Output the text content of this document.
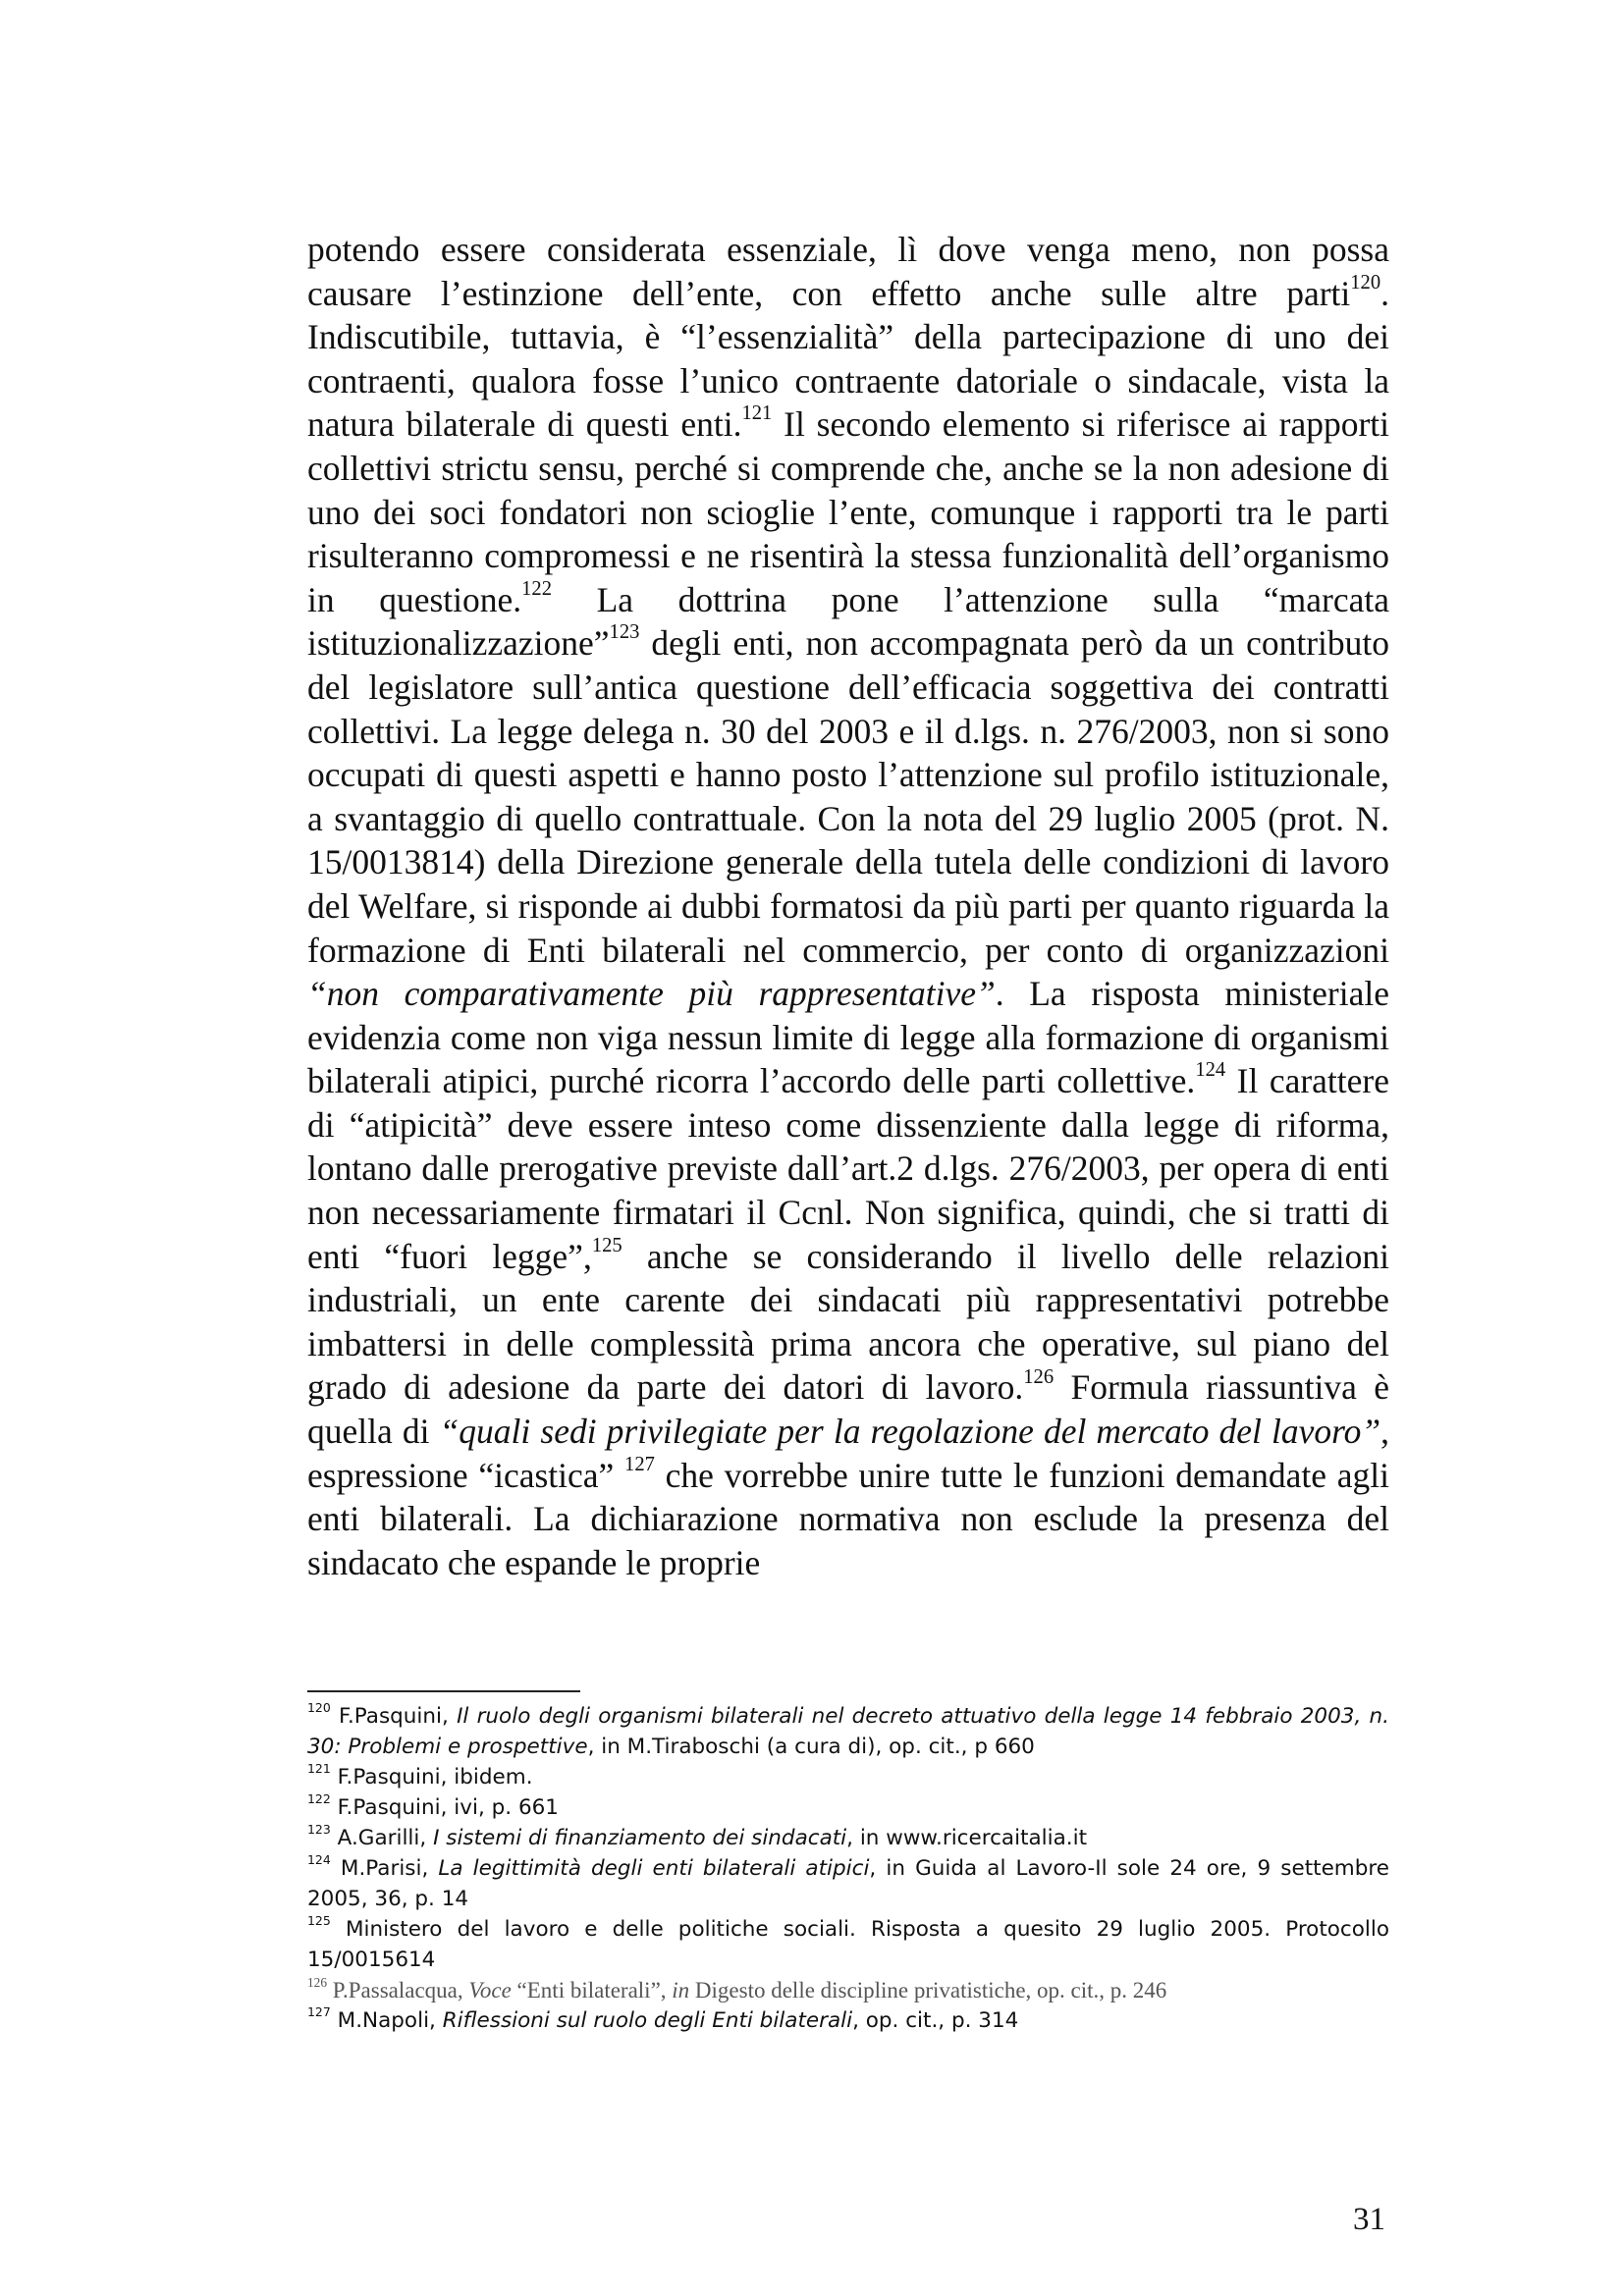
potendo essere considerata essenziale, lì dove venga meno, non possa causare l’estinzione dell’ente, con effetto anche sulle altre parti$^{120}$. Indiscutibile, tuttavia, è “l’essenzialità” della partecipazione di uno dei contraenti, qualora fosse l’unico contraente datoriale o sindacale, vista la natura bilaterale di questi enti.$^{121}$ Il secondo elemento si riferisce ai rapporti collettivi strictu sensu, perché si comprende che, anche se la non adesione di uno dei soci fondatori non scioglie l’ente, comunque i rapporti tra le parti risulteranno compromessi e ne risentirà la stessa funzionalità dell’organismo in questione.$^{122}$ La dottrina pone l’attenzione sulla “marcata istituzionalizzazione”$^{123}$ degli enti, non accompagnata però da un contributo del legislatore sull’antica questione dell’efficacia soggettiva dei contratti collettivi. La legge delega n. 30 del 2003 e il d.lgs. n. 276/2003, non si sono occupati di questi aspetti e hanno posto l’attenzione sul profilo istituzionale, a svantaggio di quello contrattuale. Con la nota del 29 luglio 2005 (prot. N. 15/0013814) della Direzione generale della tutela delle condizioni di lavoro del Welfare, si risponde ai dubbi formatosi da più parti per quanto riguarda la formazione di Enti bilaterali nel commercio, per conto di organizzazioni “non comparativamente più rappresentative”. La risposta ministeriale evidenzia come non viga nessun limite di legge alla formazione di organismi bilaterali atipici, purché ricorra l’accordo delle parti collettive.$^{124}$ Il carattere di “atipicità” deve essere inteso come dissenziente dalla legge di riforma, lontano dalle prerogative previste dall’art.2 d.lgs. 276/2003, per opera di enti non necessariamente firmatari il Ccnl. Non significa, quindi, che si tratti di enti “fuori legge”,$^{125}$ anche se considerando il livello delle relazioni industriali, un ente carente dei sindacati più rappresentativi potrebbe imbattersi in delle complessità prima ancora che operative, sul piano del grado di adesione da parte dei datori di lavoro.$^{126}$ Formula riassuntiva è quella di “quali sedi privilegiate per la regolazione del mercato del lavoro”, espressione “icastica” $^{127}$ che vorrebbe unire tutte le funzioni demandate agli enti bilaterali. La dichiarazione normativa non esclude la presenza del sindacato che espande le proprie

$^{120}$ F.Pasquini, Il ruolo degli organismi bilaterali nel decreto attuativo della legge 14 febbraio 2003, n. 30: Problemi e prospettive, in M.Tiraboschi (a cura di), op. cit., p 660
$^{121}$ F.Pasquini, ibidem.
$^{122}$ F.Pasquini, ivi, p. 661
$^{123}$ A.Garilli, I sistemi di finanziamento dei sindacati, in www.ricercaitalia.it
$^{124}$ M.Parisi, La legittimità degli enti bilaterali atipici, in Guida al Lavoro-Il sole 24 ore, 9 settembre 2005, 36, p. 14
$^{125}$ Ministero del lavoro e delle politiche sociali. Risposta a quesito 29 luglio 2005. Protocollo 15/0015614
$^{126}$ P.Passalacqua, Voce “Enti bilaterali”, in Digesto delle discipline privatistiche, op. cit., p. 246
$^{127}$ M.Napoli, Riflessioni sul ruolo degli Enti bilaterali, op. cit., p. 314
31
